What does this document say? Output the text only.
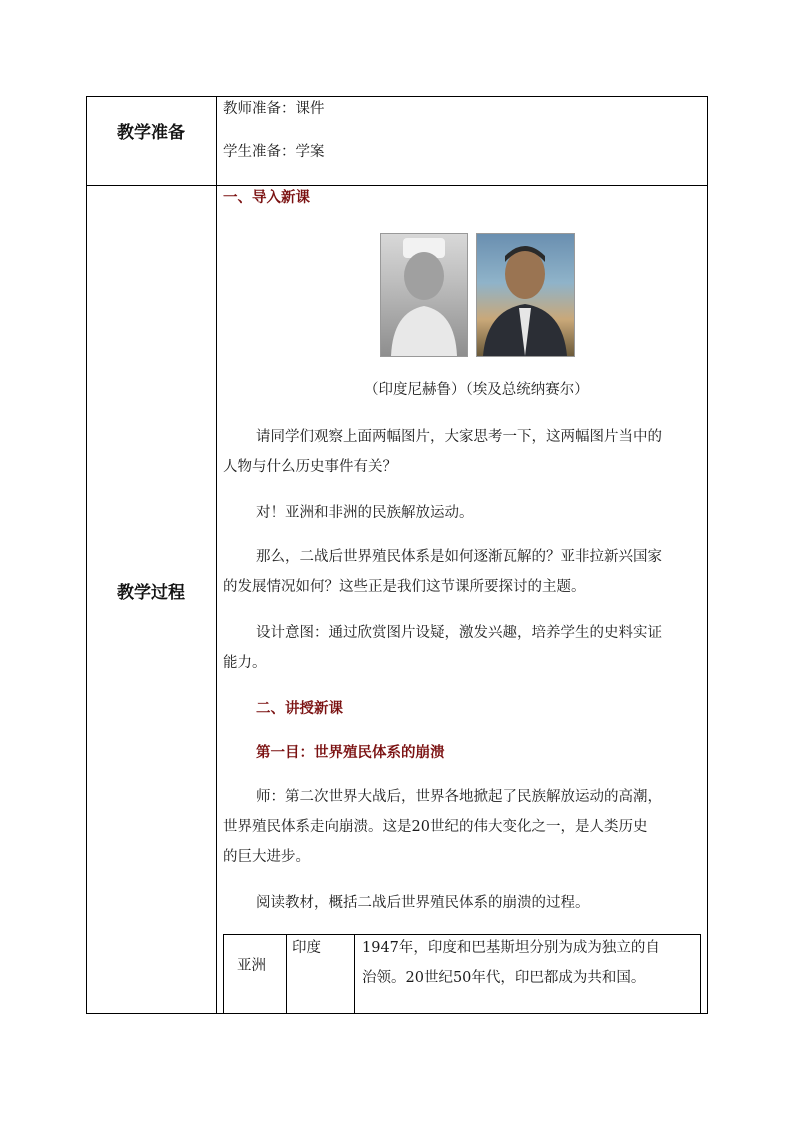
教学准备
教师准备：课件
学生准备：学案
教学过程
一、导入新课
（印度尼赫鲁）（埃及总统纳赛尔）
请同学们观察上面两幅图片，大家思考一下，这两幅图片当中的
人物与什么历史事件有关？
对！亚洲和非洲的民族解放运动。
那么，二战后世界殖民体系是如何逐渐瓦解的？亚非拉新兴国家
的发展情况如何？这些正是我们这节课所要探讨的主题。
设计意图：通过欣赏图片设疑，激发兴趣，培养学生的史料实证
能力。
二、讲授新课
第一目：世界殖民体系的崩溃
师：第二次世界大战后，世界各地掀起了民族解放运动的高潮，
世界殖民体系走向崩溃。这是20世纪的伟大变化之一，是人类历史
的巨大进步。
阅读教材，概括二战后世界殖民体系的崩溃的过程。
亚洲
印度	1947年，印度和巴基斯坦分别为成为独立的自
治领。20世纪50年代，印巴都成为共和国。
